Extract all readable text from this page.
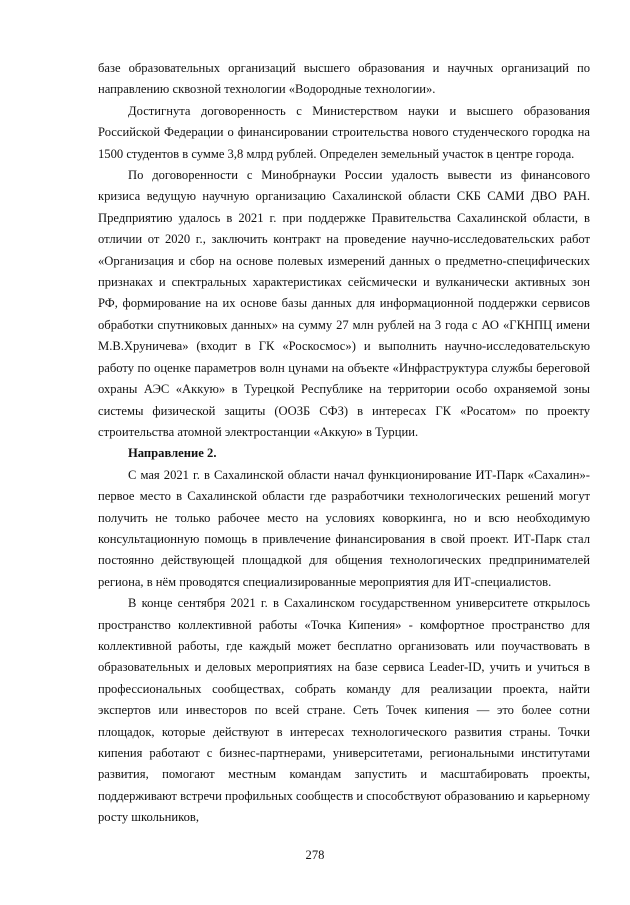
базе образовательных организаций высшего образования и научных организаций по направлению сквозной технологии «Водородные технологии».

Достигнута договоренность с Министерством науки и высшего образования Российской Федерации о финансировании строительства нового студенческого городка на 1500 студентов в сумме 3,8 млрд рублей. Определен земельный участок в центре города.

По договоренности с Минобрнауки России удалость вывести из финансового кризиса ведущую научную организацию Сахалинской области СКБ САМИ ДВО РАН. Предприятию удалось в 2021 г. при поддержке Правительства Сахалинской области, в отличии от 2020 г., заключить контракт на проведение научно-исследовательских работ «Организация и сбор на основе полевых измерений данных о предметно-специфических признаках и спектральных характеристиках сейсмически и вулканически активных зон РФ, формирование на их основе базы данных для информационной поддержки сервисов обработки спутниковых данных» на сумму 27 млн рублей на 3 года с АО «ГКНПЦ имени М.В.Хруничева» (входит в ГК «Роскосмос») и выполнить научно-исследовательскую работу по оценке параметров волн цунами на объекте «Инфраструктура службы береговой охраны АЭС «Аккую» в Турецкой Республике на территории особо охраняемой зоны системы физической защиты (ООЗБ СФЗ) в интересах ГК «Росатом» по проекту строительства атомной электростанции «Аккую» в Турции.

Направление 2.

С мая 2021 г. в Сахалинской области начал функционирование ИТ-Парк «Сахалин»- первое место в Сахалинской области где разработчики технологических решений могут получить не только рабочее место на условиях коворкинга, но и всю необходимую консультационную помощь в привлечение финансирования в свой проект. ИТ-Парк стал постоянно действующей площадкой для общения технологических предпринимателей региона, в нём проводятся специализированные мероприятия для ИТ-специалистов.

В конце сентября 2021 г. в Сахалинском государственном университете открылось пространство коллективной работы «Точка Кипения» - комфортное пространство для коллективной работы, где каждый может бесплатно организовать или поучаствовать в образовательных и деловых мероприятиях на базе сервиса Leader-ID, учить и учиться в профессиональных сообществах, собрать команду для реализации проекта, найти экспертов или инвесторов по всей стране. Сеть Точек кипения — это более сотни площадок, которые действуют в интересах технологического развития страны. Точки кипения работают с бизнес-партнерами, университетами, региональными институтами развития, помогают местным командам запустить и масштабировать проекты, поддерживают встречи профильных сообществ и способствуют образованию и карьерному росту школьников,

278
